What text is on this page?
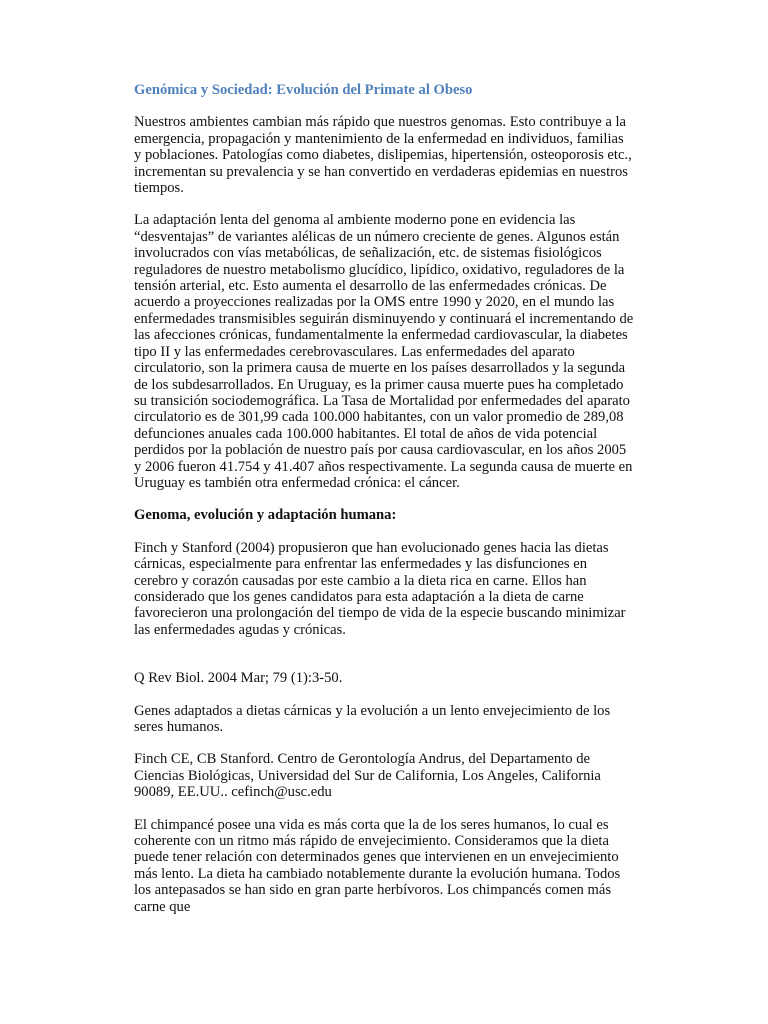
Genómica y Sociedad: Evolución del Primate al Obeso

Nuestros ambientes cambian más rápido que nuestros genomas. Esto contribuye a la emergencia, propagación y mantenimiento de la enfermedad en individuos, familias y poblaciones. Patologías como diabetes, dislipemias, hipertensión, osteoporosis etc., incrementan su prevalencia y se han convertido en verdaderas epidemias en nuestros tiempos.

La adaptación lenta del genoma al ambiente moderno pone en evidencia las “desventajas” de variantes alélicas de un número creciente de genes. Algunos están involucrados con vías metabólicas, de señalización, etc. de sistemas fisiológicos reguladores de nuestro metabolismo glucídico, lipídico, oxidativo, reguladores de la tensión arterial, etc. Esto aumenta el desarrollo de las enfermedades crónicas. De acuerdo a proyecciones realizadas por la OMS entre 1990 y 2020, en el mundo las enfermedades transmisibles seguirán disminuyendo y continuará el incrementando de las afecciones crónicas, fundamentalmente la enfermedad cardiovascular, la diabetes tipo II y las enfermedades cerebrovasculares. Las enfermedades del aparato circulatorio, son la primera causa de muerte en los países desarrollados y la segunda de los subdesarrollados. En Uruguay, es la primer causa muerte pues ha completado su transición sociodemográfica. La Tasa de Mortalidad por enfermedades del aparato circulatorio es de 301,99 cada 100.000 habitantes, con un valor promedio de 289,08 defunciones anuales cada 100.000 habitantes. El total de años de vida potencial perdidos por la población de nuestro país por causa cardiovascular, en los años 2005 y 2006 fueron 41.754 y 41.407 años respectivamente. La segunda causa de muerte en Uruguay es también otra enfermedad crónica: el cáncer.

Genoma, evolución y adaptación humana:

Finch y Stanford (2004) propusieron que han evolucionado genes hacia las dietas cárnicas, especialmente para enfrentar las enfermedades y las disfunciones en cerebro y corazón causadas por este cambio a la dieta rica en carne. Ellos han considerado que los genes candidatos para esta adaptación a la dieta de carne favorecieron una prolongación del tiempo de vida de la especie buscando minimizar las enfermedades agudas y crónicas.

Q Rev Biol. 2004 Mar; 79 (1):3-50.

Genes adaptados a dietas cárnicas y la evolución a un lento envejecimiento de los seres humanos.

Finch CE, CB Stanford. Centro de Gerontología Andrus, del Departamento de Ciencias Biológicas, Universidad del Sur de California, Los Angeles, California 90089, EE.UU.. cefinch@usc.edu

El chimpancé posee una vida es más corta que la de los seres humanos, lo cual es coherente con un ritmo más rápido de envejecimiento. Consideramos que la dieta puede tener relación con determinados genes que intervienen en un envejecimiento más lento. La dieta ha cambiado notablemente durante la evolución humana. Todos los antepasados se han sido en gran parte herbívoros. Los chimpancés comen más carne que
